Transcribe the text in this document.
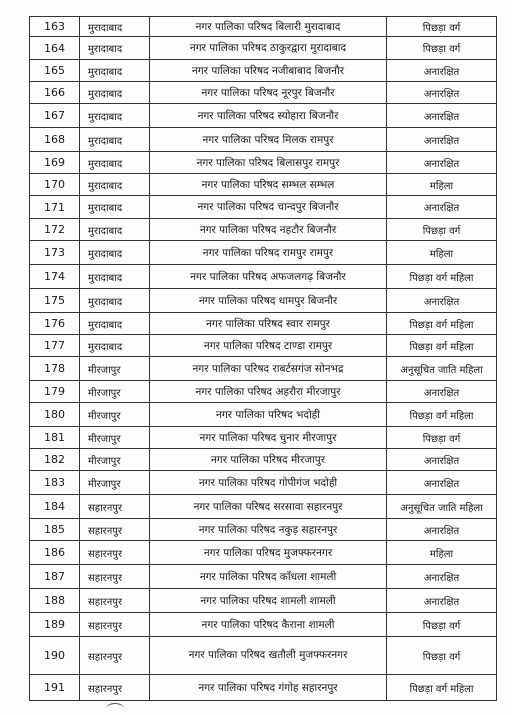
163	मुरादाबाद	नगर पालिका परिषद बिलारी मुरादाबाद	पिछड़ा वर्ग
164	मुरादाबाद	नगर पालिका परिषद ठाकुरद्वारा मुरादाबाद	पिछड़ा वर्ग
165	मुरादाबाद	नगर पालिका परिषद नजीबाबाद बिजनौर	अनारक्षित
166	मुरादाबाद	नगर पालिका परिषद नूरपुर बिजनौर	अनारक्षित
167	मुरादाबाद	नगर पालिका परिषद स्योहारा बिजनौर	अनारक्षित
168	मुरादाबाद	नगर पालिका परिषद मिलक रामपुर	अनारक्षित
169	मुरादाबाद	नगर पालिका परिषद बिलासपुर रामपुर	अनारक्षित
170	मुरादाबाद	नगर पालिका परिषद सम्भल सम्भल	महिला
171	मुरादाबाद	नगर पालिका परिषद चान्दपुर बिजनौर	अनारक्षित
172	मुरादाबाद	नगर पालिका परिषद नहटौर बिजनौर	पिछड़ा वर्ग
173	मुरादाबाद	नगर पालिका परिषद रामपुर रामपुर	महिला
174	मुरादाबाद	नगर पालिका परिषद अफजलगढ़ बिजनौर	पिछड़ा वर्ग महिला
175	मुरादाबाद	नगर पालिका परिषद धामपुर बिजनौर	अनारक्षित
176	मुरादाबाद	नगर पालिका परिषद स्वार रामपुर	पिछड़ा वर्ग महिला
177	मुरादाबाद	नगर पालिका परिषद टाण्डा रामपुर	पिछड़ा वर्ग महिला
178	मीरजापुर	नगर पालिका परिषद राबर्टसगंज सोनभद्र	अनुसूचित जाति महिला
179	मीरजापुर	नगर पालिका परिषद अहरौरा मीरजापुर	अनारक्षित
180	मीरजापुर	नगर पालिका परिषद भदोही	पिछड़ा वर्ग महिला
181	मीरजापुर	नगर पालिका परिषद चुनार मीरजापुर	पिछड़ा वर्ग
182	मीरजापुर	नगर पालिका परिषद मीरजापुर	अनारक्षित
183	मीरजापुर	नगर पालिका परिषद गोपीगंज भदोही	अनारक्षित
184	सहारनपुर	नगर पालिका परिषद सरसावा सहारनपुर	अनुसूचित जाति महिला
185	सहारनपुर	नगर पालिका परिषद नकुड़ सहारनपुर	अनारक्षित
186	सहारनपुर	नगर पालिका परिषद मुजफ्फरनगर	महिला
187	सहारनपुर	नगर पालिका परिषद काँधला शामली	अनारक्षित
188	सहारनपुर	नगर पालिका परिषद शामली शामली	अनारक्षित
189	सहारनपुर	नगर पालिका परिषद कैराना शामली	पिछड़ा वर्ग
190	सहारनपुर	नगर पालिका परिषद खतौली मुजफ्फरनगर	पिछड़ा वर्ग
191	सहारनपुर	नगर पालिका परिषद गंगोह सहारनपुर	पिछड़ा वर्ग महिला
